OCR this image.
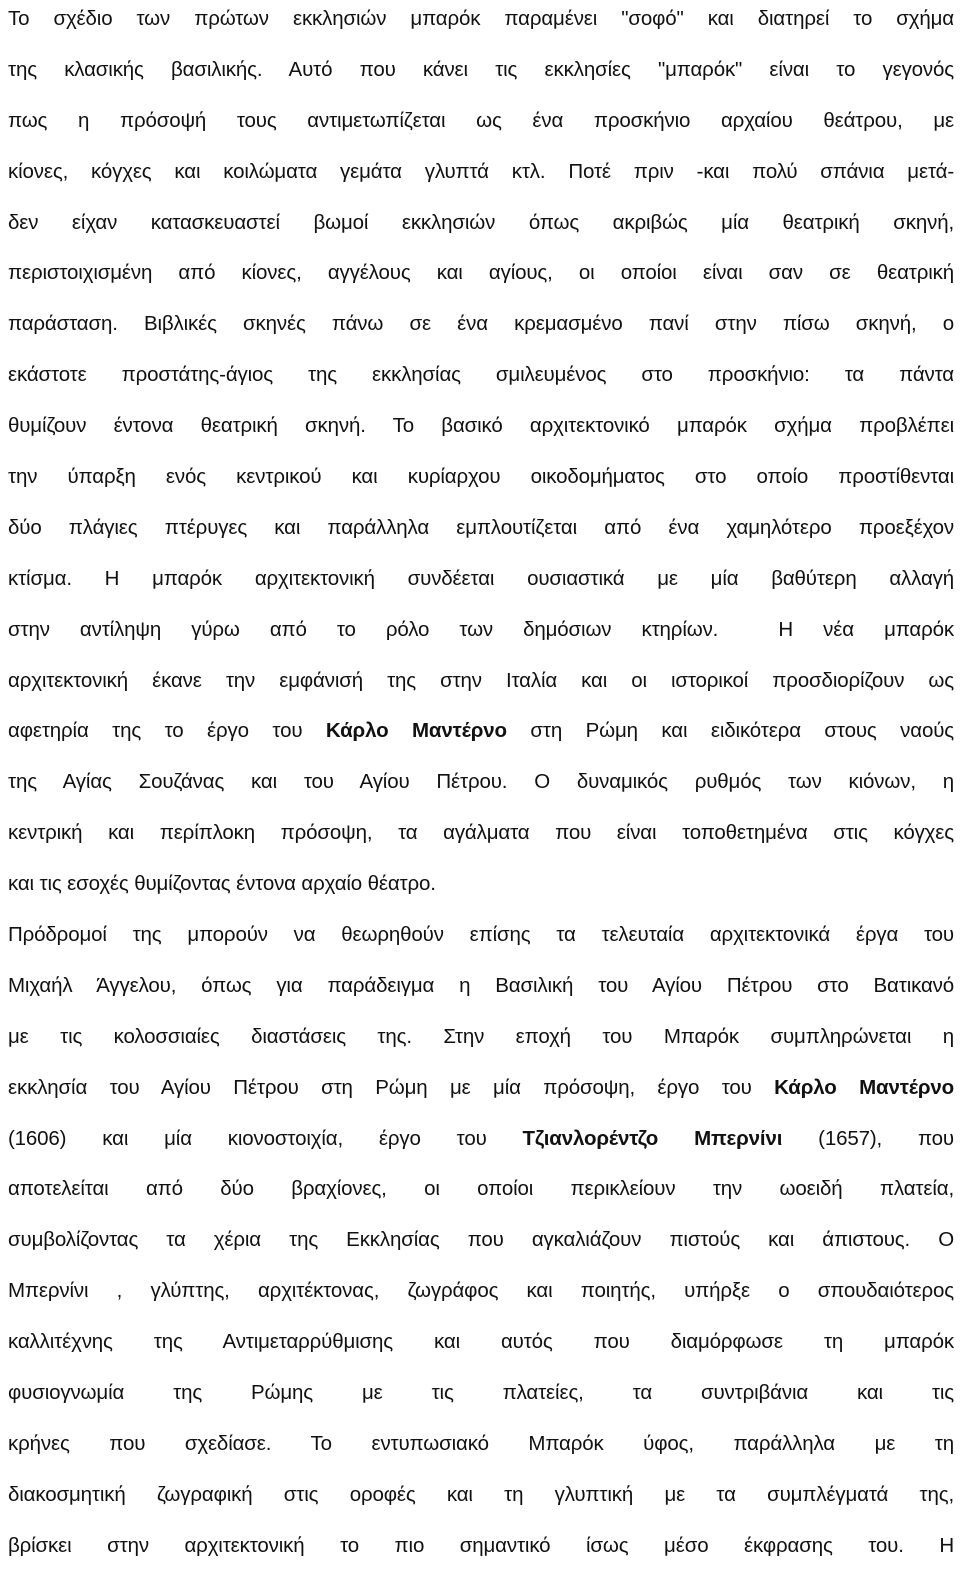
Το σχέδιο των πρώτων εκκλησιών μπαρόκ παραμένει "σοφό" και διατηρεί το σχήμα
της κλασικής βασιλικής. Αυτό που κάνει τις εκκλησίες "μπαρόκ" είναι το γεγονός
πως η πρόσοψή τους αντιμετωπίζεται ως ένα προσκήνιο αρχαίου θεάτρου, με
κίονες, κόγχες και κοιλώματα γεμάτα γλυπτά κτλ. Ποτέ πριν -και πολύ σπάνια μετά-
δεν είχαν κατασκευαστεί βωμοί εκκλησιών όπως ακριβώς μία θεατρική σκηνή,
περιστοιχισμένη από κίονες, αγγέλους και αγίους, οι οποίοι είναι σαν σε θεατρική
παράσταση. Βιβλικές σκηνές πάνω σε ένα κρεμασμένο πανί στην πίσω σκηνή, ο
εκάστοτε προστάτης-άγιος της εκκλησίας σμιλευμένος στο προσκήνιο: τα πάντα
θυμίζουν έντονα θεατρική σκηνή. Το βασικό αρχιτεκτονικό μπαρόκ σχήμα προβλέπει
την ύπαρξη ενός κεντρικού και κυρίαρχου οικοδομήματος στο οποίο προστίθενται
δύο πλάγιες πτέρυγες και παράλληλα εμπλουτίζεται από ένα χαμηλότερο προεξέχον
κτίσμα. Η μπαρόκ αρχιτεκτονική συνδέεται ουσιαστικά με μία βαθύτερη αλλαγή
στην αντίληψη γύρω από το ρόλο των δημόσιων κτηρίων.  Η νέα μπαρόκ
αρχιτεκτονική έκανε την εμφάνισή της στην Ιταλία και οι ιστορικοί προσδιορίζουν ως
αφετηρία της το έργο του Κάρλο Μαντέρνο στη Ρώμη και ειδικότερα στους ναούς
της Αγίας Σουζάνας και του Αγίου Πέτρου. Ο δυναμικός ρυθμός των κιόνων, η
κεντρική και περίπλοκη πρόσοψη, τα αγάλματα που είναι τοποθετημένα στις κόγχες
και τις εσοχές θυμίζοντας έντονα αρχαίο θέατρο.
Πρόδρομοί της μπορούν να θεωρηθούν επίσης τα τελευταία αρχιτεκτονικά έργα του
Μιχαήλ Άγγελου, όπως για παράδειγμα η Βασιλική του Αγίου Πέτρου στο Βατικανό
με τις κολοσσιαίες διαστάσεις της. Στην εποχή του Μπαρόκ συμπληρώνεται η
εκκλησία του Αγίου Πέτρου στη Ρώμη με μία πρόσοψη, έργο του Κάρλο Μαντέρνο
(1606) και μία κιονοστοιχία, έργο του Τζιανλορέντζο Μπερνίνι (1657), που
αποτελείται από δύο βραχίονες, οι οποίοι περικλείουν την ωοειδή πλατεία,
συμβολίζοντας τα χέρια της Εκκλησίας που αγκαλιάζουν πιστούς και άπιστους. Ο
Μπερνίνι , γλύπτης, αρχιτέκτονας, ζωγράφος και ποιητής, υπήρξε ο σπουδαιότερος
καλλιτέχνης της Αντιμεταρρύθμισης και αυτός που διαμόρφωσε τη μπαρόκ
φυσιογνωμία της Ρώμης με τις πλατείες, τα συντριβάνια και τις
κρήνες που σχεδίασε. Το εντυπωσιακό Μπαρόκ ύφος, παράλληλα με τη
διακοσμητική ζωγραφική στις οροφές και τη γλυπτική με τα συμπλέγματά της,
βρίσκει στην αρχιτεκτονική το πιο σημαντικό ίσως μέσο έκφρασης του. Η
